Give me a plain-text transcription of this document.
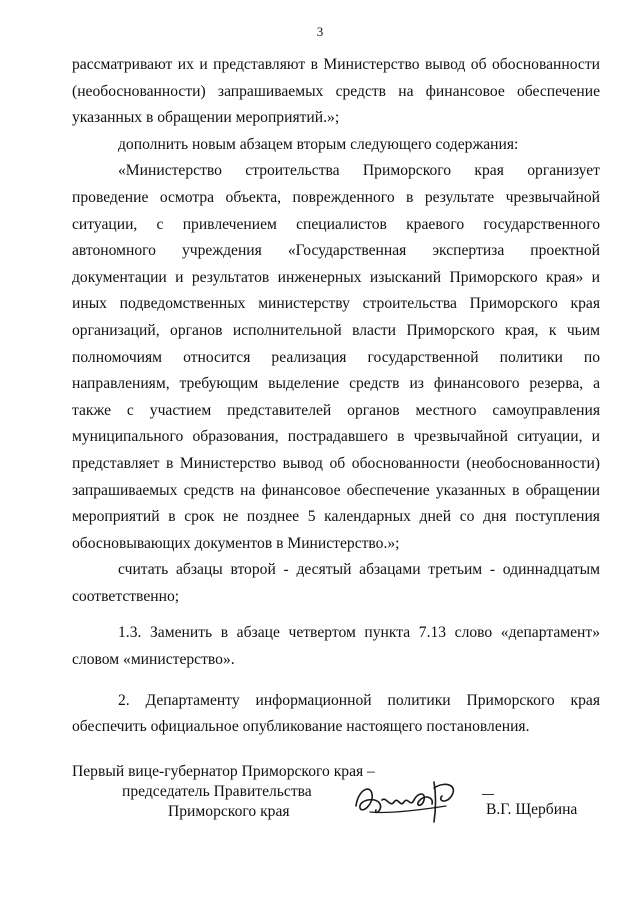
3

рассматривают их и представляют в Министерство вывод об обоснованности (необоснованности) запрашиваемых средств на финансовое обеспечение указанных в обращении мероприятий.»;

дополнить новым абзацем вторым следующего содержания:

«Министерство строительства Приморского края организует проведение осмотра объекта, поврежденного в результате чрезвычайной ситуации, с привлечением специалистов краевого государственного автономного учреждения «Государственная экспертиза проектной документации и результатов инженерных изысканий Приморского края» и иных подведомственных министерству строительства Приморского края организаций, органов исполнительной власти Приморского края, к чьим полномочиям относится реализация государственной политики по направлениям, требующим выделение средств из финансового резерва, а также с участием представителей органов местного самоуправления муниципального образования, пострадавшего в чрезвычайной ситуации, и представляет в Министерство вывод об обоснованности (необоснованности) запрашиваемых средств на финансовое обеспечение указанных в обращении мероприятий в срок не позднее 5 календарных дней со дня поступления обосновывающих документов в Министерство.»;

считать абзацы второй - десятый абзацами третьим - одиннадцатым соответственно;

1.3. Заменить в абзаце четвертом пункта 7.13 слово «департамент» словом «министерство».

2. Департаменту информационной политики Приморского края обеспечить официальное опубликование настоящего постановления.

Первый вице-губернатор Приморского края –
председатель Правительства
Приморского края	В.Г. Щербина
